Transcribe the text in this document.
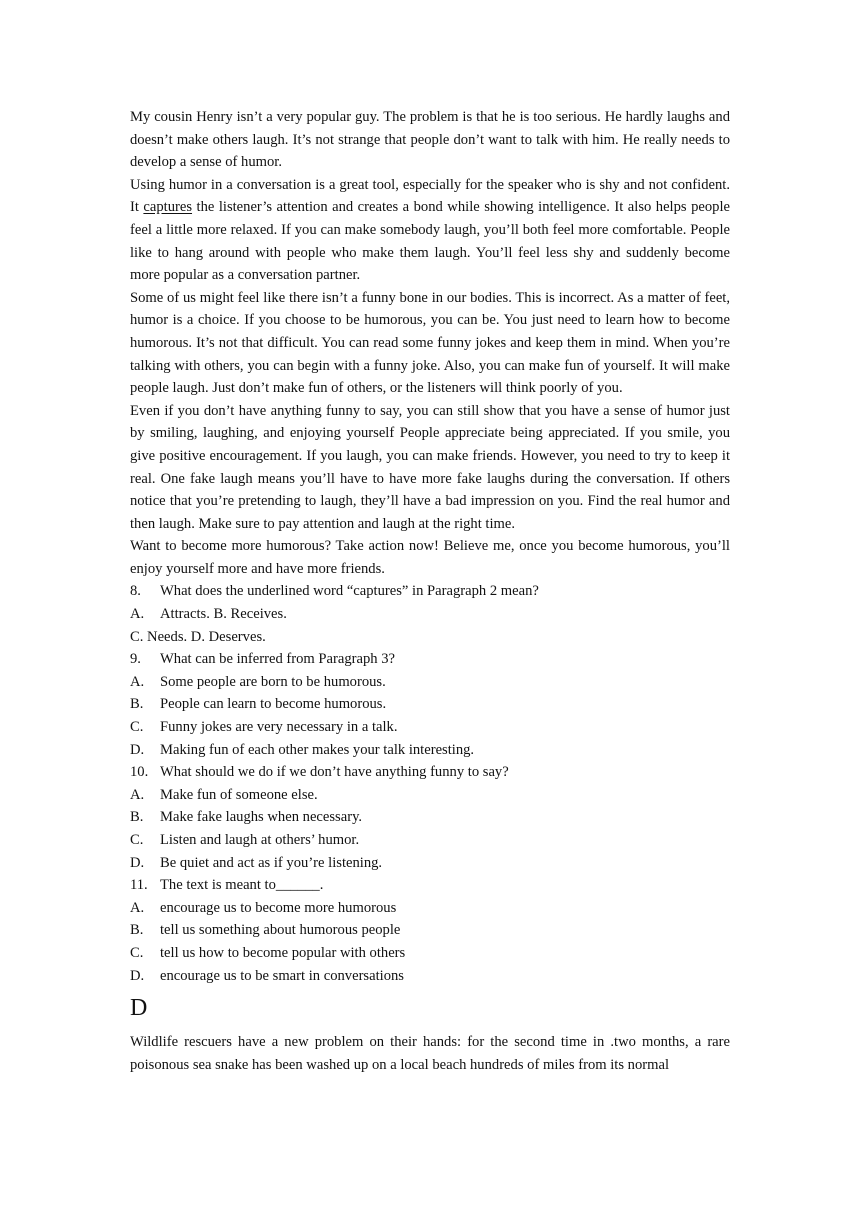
My cousin Henry isn’t a very popular guy. The problem is that he is too serious. He hardly laughs and doesn’t make others laugh. It’s not strange that people don’t want to talk with him. He really needs to develop a sense of humor.

Using humor in a conversation is a great tool, especially for the speaker who is shy and not confident. It captures the listener’s attention and creates a bond while showing intelligence. It also helps people feel a little more relaxed. If you can make somebody laugh, you’ll both feel more comfortable. People like to hang around with people who make them laugh. You’ll feel less shy and suddenly become more popular as a conversation partner.

Some of us might feel like there isn’t a funny bone in our bodies. This is incorrect. As a matter of feet, humor is a choice. If you choose to be humorous, you can be. You just need to learn how to become humorous. It’s not that difficult. You can read some funny jokes and keep them in mind. When you’re talking with others, you can begin with a funny joke. Also, you can make fun of yourself. It will make people laugh. Just don’t make fun of others, or the listeners will think poorly of you.

Even if you don’t have anything funny to say, you can still show that you have a sense of humor just by smiling, laughing, and enjoying yourself People appreciate being appreciated. If you smile, you give positive encouragement. If you laugh, you can make friends. However, you need to try to keep it real. One fake laugh means you’ll have to have more fake laughs during the conversation. If others notice that you’re pretending to laugh, they’ll have a bad impression on you. Find the real humor and then laugh. Make sure to pay attention and laugh at the right time.

Want to become more humorous? Take action now! Believe me, once you become humorous, you’ll enjoy yourself more and have more friends.

8.	What does the underlined word “captures” in Paragraph 2 mean?
A.	Attracts. B. Receives.
C. Needs. D. Deserves.
9.	What can be inferred from Paragraph 3?
A.	Some people are born to be humorous.
B.	People can learn to become humorous.
C.	Funny jokes are very necessary in a talk.
D.	Making fun of each other makes your talk interesting.
10. What should we do if we don’t have anything funny to say?
A.	Make fun of someone else.
B.	Make fake laughs when necessary.
C.	Listen and laugh at others’ humor.
D.	Be quiet and act as if you’re listening.
11. The text is meant to______.
A.	encourage us to become more humorous
B.	tell us something about humorous people
C.	tell us how to become popular with others
D.	encourage us to be smart in conversations
D

Wildlife rescuers have a new problem on their hands: for the second time in .two months, a rare poisonous sea snake has been washed up on a local beach hundreds of miles from its normal
